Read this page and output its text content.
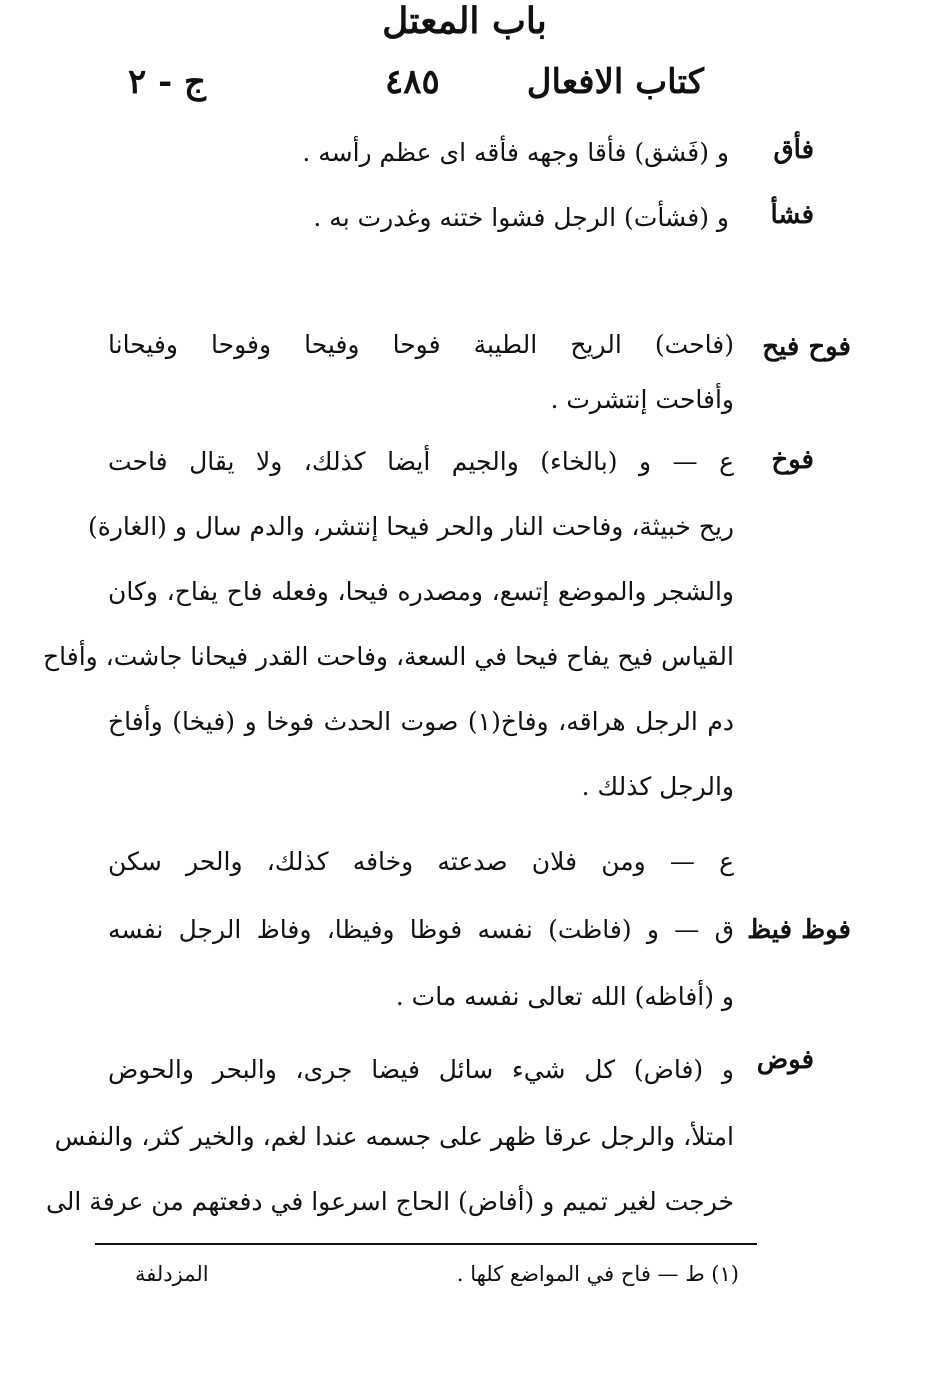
كتاب الافعال
٤٨٥
ج - ٢
فأق
و (فَشق) فأقا وجهه فأقه اى عظم رأسه .
فشأ
و (فشأت) الرجل فشوا ختنه وغدرت به .
باب المعتل
فوح فيح
(فاحت) الريح الطيبة فوحا وفيحا وفوحا وفيحانا
وأفاحت إنتشرت .
فوخ
ع — و (بالخاء) والجيم أيضا كذلك، ولا يقال فاحت
ريح خبيثة، وفاحت النار والحر فيحا إنتشر، والدم سال و (الغارة)
والشجر والموضع إتسع، ومصدره فيحا، وفعله فاح يفاح، وكان
القياس فيح يفاح فيحا في السعة، وفاحت القدر فيحانا جاشت، وأفاح
دم الرجل هراقه، وفاخ(١) صوت الحدث فوخا و (فيخا) وأفاخ
والرجل كذلك .
ع — ومن فلان صدعته وخافه كذلك، والحر سكن
فوظ فيظ
ق — و (فاظت) نفسه فوظا وفيظا، وفاظ الرجل نفسه
و (أفاظه) الله تعالى نفسه مات .
فوض
و (فاض) كل شيء سائل فيضا جرى، والبحر والحوض
امتلأ، والرجل عرقا ظهر على جسمه عندا لغم، والخير كثر، والنفس
خرجت لغير تميم و (أفاض) الحاج اسرعوا في دفعتهم من عرفة الى
(١) ط — فاح في المواضع كلها .
المزدلفة
